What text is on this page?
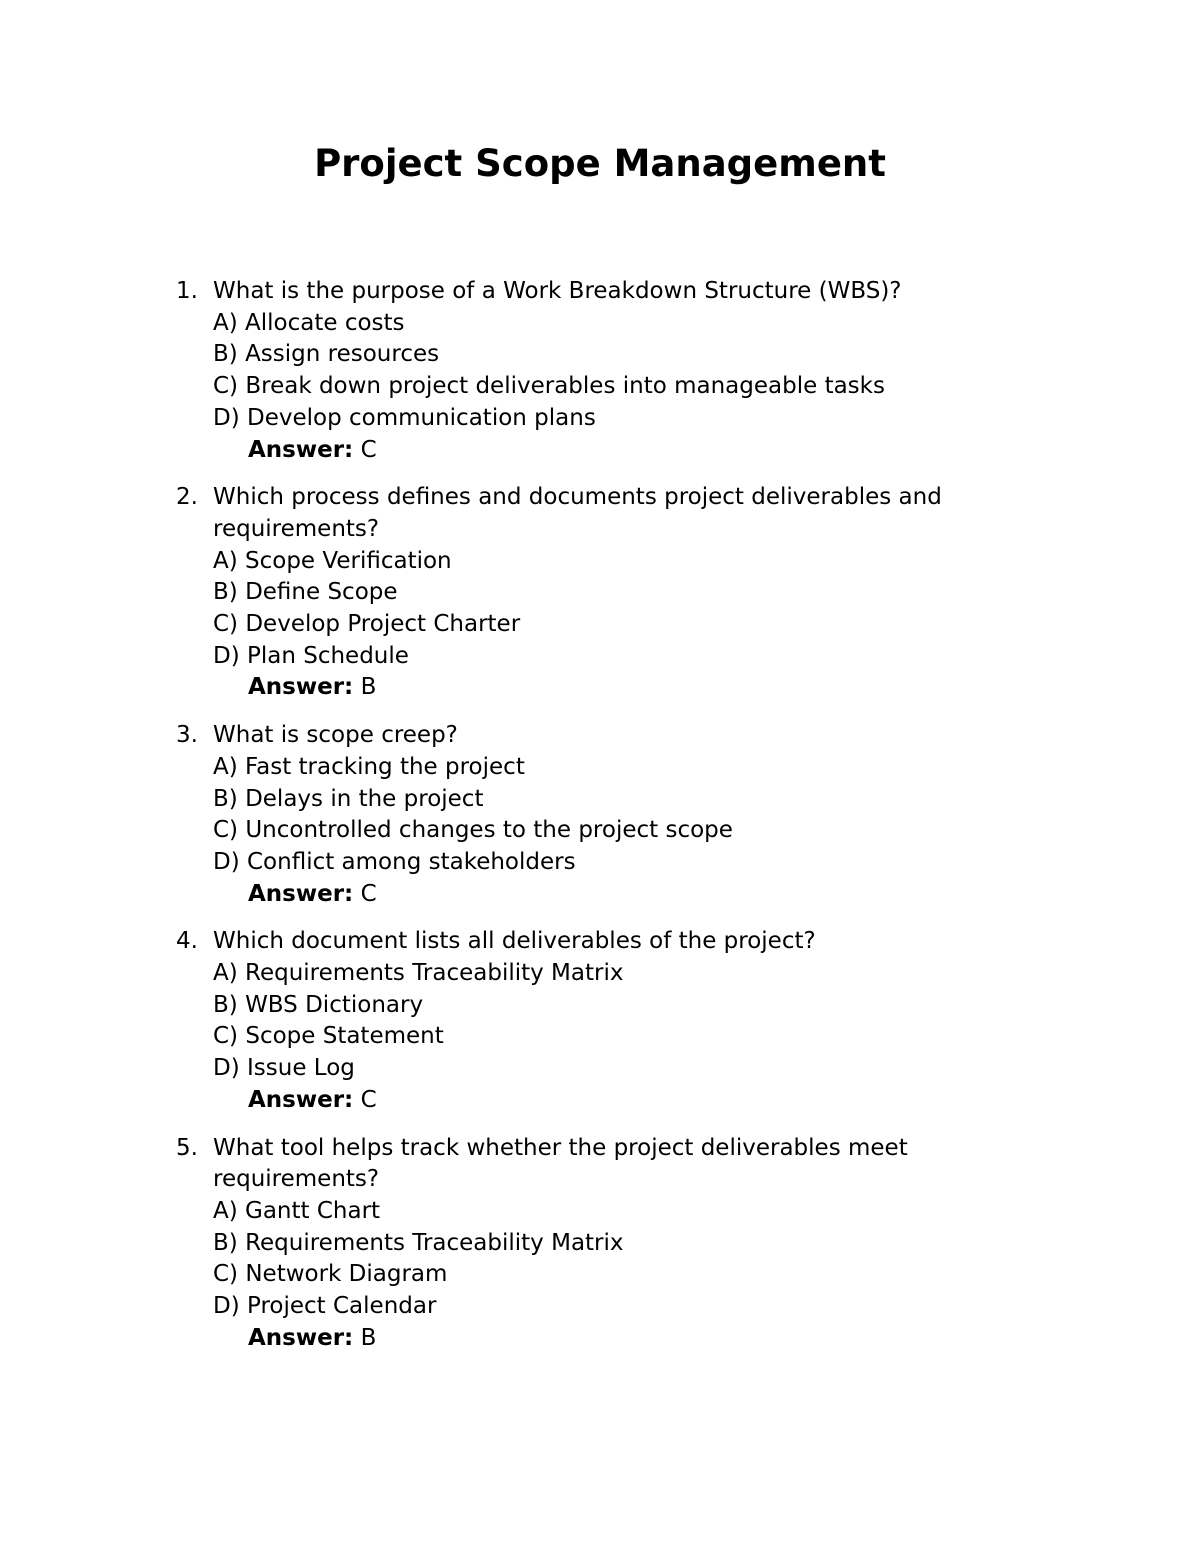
Project Scope Management
1. What is the purpose of a Work Breakdown Structure (WBS)?
A) Allocate costs
B) Assign resources
C) Break down project deliverables into manageable tasks
D) Develop communication plans
Answer: C
2. Which process defines and documents project deliverables and requirements?
A) Scope Verification
B) Define Scope
C) Develop Project Charter
D) Plan Schedule
Answer: B
3. What is scope creep?
A) Fast tracking the project
B) Delays in the project
C) Uncontrolled changes to the project scope
D) Conflict among stakeholders
Answer: C
4. Which document lists all deliverables of the project?
A) Requirements Traceability Matrix
B) WBS Dictionary
C) Scope Statement
D) Issue Log
Answer: C
5. What tool helps track whether the project deliverables meet requirements?
A) Gantt Chart
B) Requirements Traceability Matrix
C) Network Diagram
D) Project Calendar
Answer: B
